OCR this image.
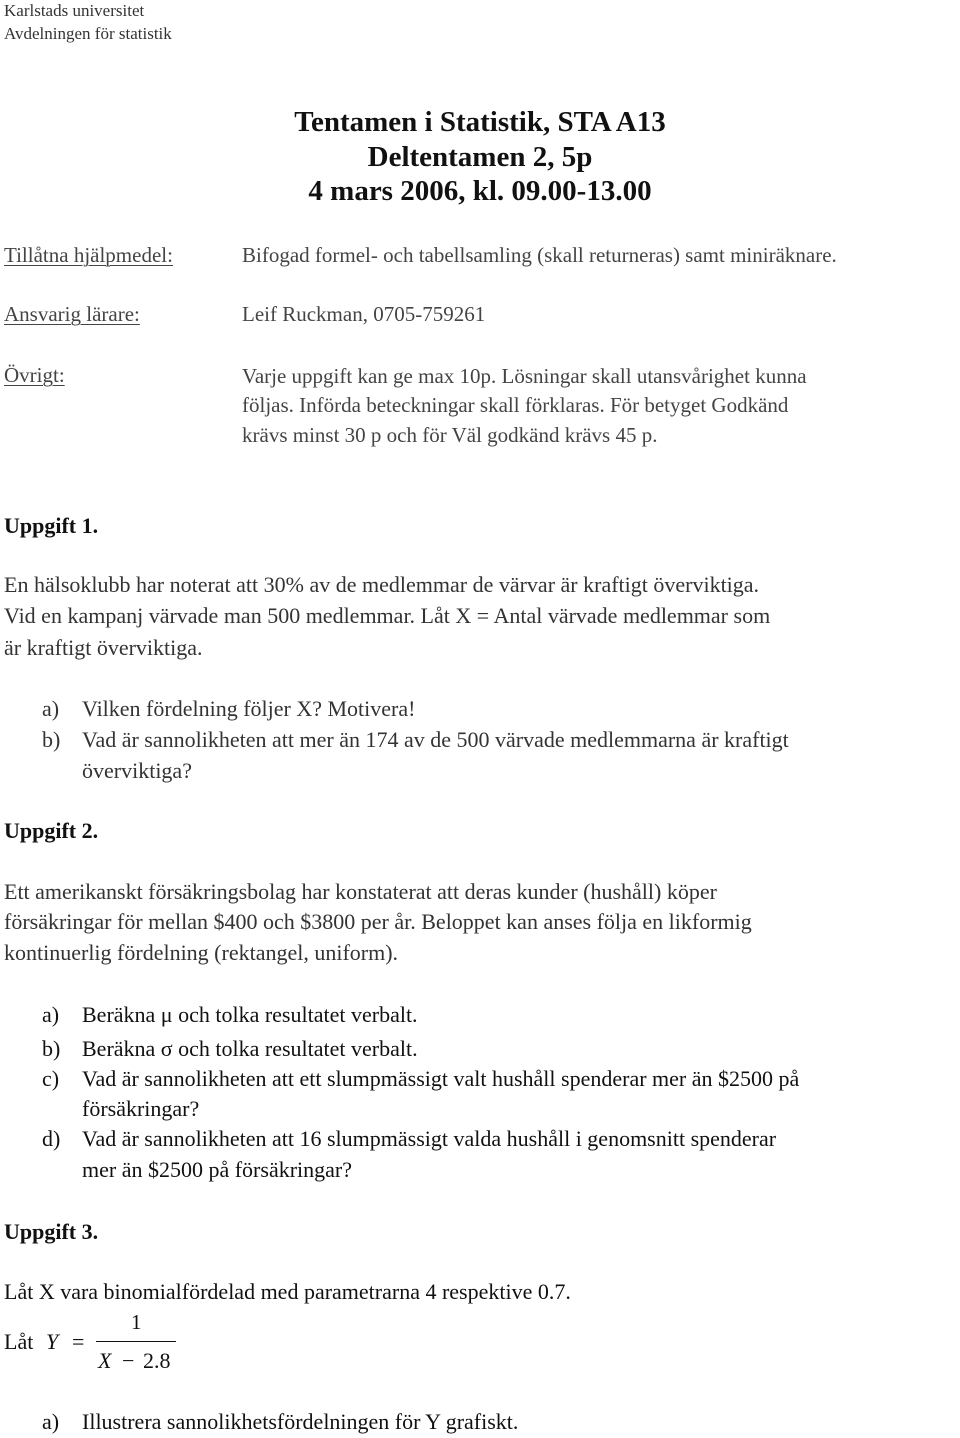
Karlstads universitet
Avdelningen för statistik
Tentamen i Statistik, STA A13
Deltentamen 2, 5p
4 mars 2006, kl. 09.00-13.00
Tillåtna hjälpmedel:	Bifogad formel- och tabellsamling (skall returneras) samt miniräknare.
Ansvarig lärare:	Leif Ruckman, 0705-759261
Övrigt:	Varje uppgift kan ge max 10p. Lösningar skall utansvårighet kunna
följas. Införda beteckningar skall förklaras. För betyget Godkänd
krävs minst 30 p och för Väl godkänd krävs 45 p.
Uppgift 1.
En hälsoklubb har noterat att 30% av de medlemmar de värvar är kraftigt överviktiga.
Vid en kampanj värvade man 500 medlemmar. Låt X = Antal värvade medlemmar som
är kraftigt överviktiga.
a) Vilken fördelning följer X? Motivera!
b) Vad är sannolikheten att mer än 174 av de 500 värvade medlemmarna är kraftigt
överviktiga?
Uppgift 2.
Ett amerikanskt försäkringsbolag har konstaterat att deras kunder (hushåll) köper
försäkringar för mellan $400 och $3800 per år. Beloppet kan anses följa en likformig
kontinuerlig fördelning (rektangel, uniform).
a) Beräkna μ och tolka resultatet verbalt.
b) Beräkna σ och tolka resultatet verbalt.
c) Vad är sannolikheten att ett slumpmässigt valt hushåll spenderar mer än $2500 på
försäkringar?
d) Vad är sannolikheten att 16 slumpmässigt valda hushåll i genomsnitt spenderar
mer än $2500 på försäkringar?
Uppgift 3.
Låt X vara binomialfördelad med parametrarna 4 respektive 0.7.
Låt Y =
1
X − 2.8
a) Illustrera sannolikhetsfördelningen för Y grafiskt.
